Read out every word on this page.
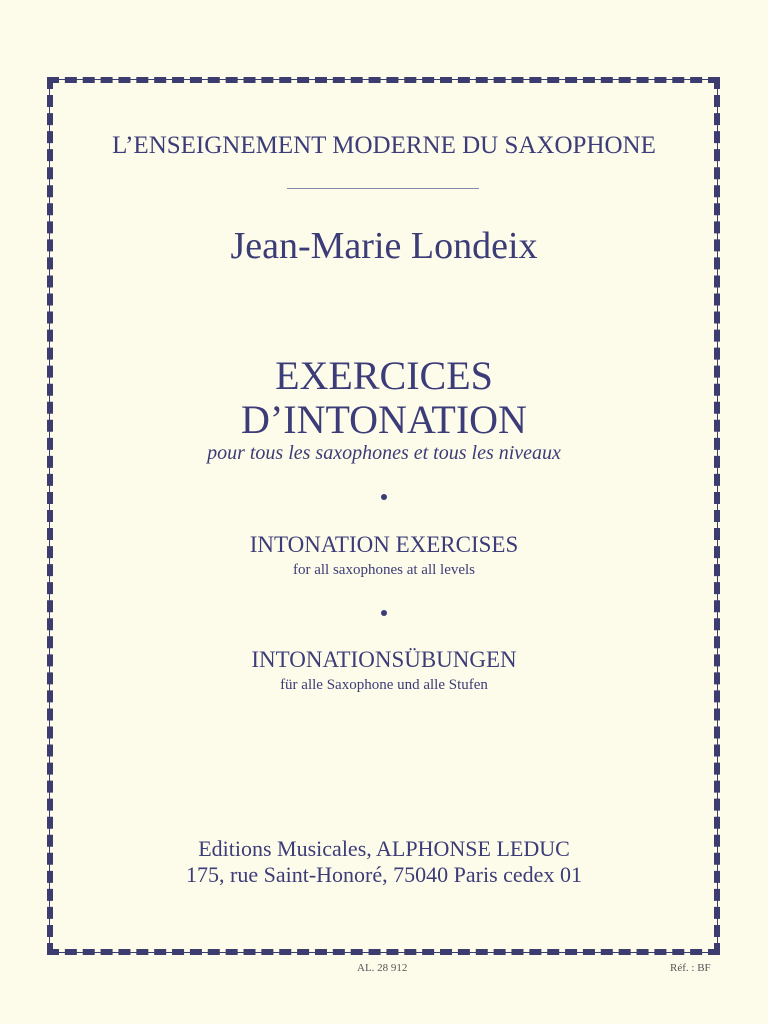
L’ENSEIGNEMENT MODERNE DU SAXOPHONE
Jean-Marie Londeix
EXERCICES
D’INTONATION
pour tous les saxophones et tous les niveaux
INTONATION EXERCISES
for all saxophones at all levels
INTONATIONSÜBUNGEN
für alle Saxophone und alle Stufen
Editions Musicales, ALPHONSE LEDUC
175, rue Saint-Honoré, 75040 Paris cedex 01
AL. 28 912	Réf. : BF
